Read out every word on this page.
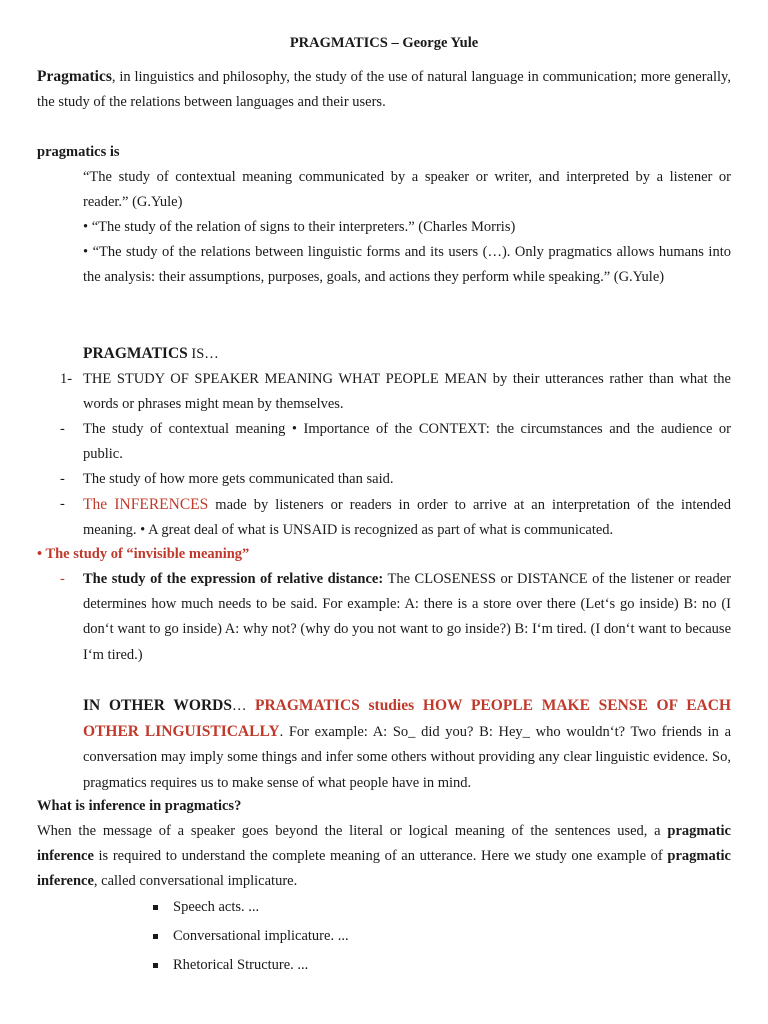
PRAGMATICS – George Yule

Pragmatics, in linguistics and philosophy, the study of the use of natural language in communication; more generally, the study of the relations between languages and their users.

pragmatics is

“The study of contextual meaning communicated by a speaker or writer, and interpreted by a listener or reader.” (G.Yule)

• “The study of the relation of signs to their interpreters.” (Charles Morris)

• “The study of the relations between linguistic forms and its users (…). Only pragmatics allows humans into the analysis: their assumptions, purposes, goals, and actions they perform while speaking.” (G.Yule)

PRAGMATICS IS…

1- THE STUDY OF SPEAKER MEANING WHAT PEOPLE MEAN by their utterances rather than what the words or phrases might mean by themselves.

- The study of contextual meaning • Importance of the CONTEXT: the circumstances and the audience or public.

- The study of how more gets communicated than said.

- The INFERENCES made by listeners or readers in order to arrive at an interpretation of the intended meaning. • A great deal of what is UNSAID is recognized as part of what is communicated.

• The study of “invisible meaning”

- The study of the expression of relative distance: The CLOSENESS or DISTANCE of the listener or reader determines how much needs to be said. For example: A: there is a store over there (Let‘s go inside) B: no (I don‘t want to go inside) A: why not? (why do you not want to go inside?) B: I‘m tired. (I don‘t want to because I‘m tired.)

IN OTHER WORDS… PRAGMATICS studies HOW PEOPLE MAKE SENSE OF EACH OTHER LINGUISTICALLY. For example: A: So_ did you? B: Hey_ who wouldn‘t? Two friends in a conversation may imply some things and infer some others without providing any clear linguistic evidence. So, pragmatics requires us to make sense of what people have in mind.

What is inference in pragmatics?

When the message of a speaker goes beyond the literal or logical meaning of the sentences used, a pragmatic inference is required to understand the complete meaning of an utterance. Here we study one example of pragmatic inference, called conversational implicature.

Speech acts. ...

Conversational implicature. ...

Rhetorical Structure. ...
